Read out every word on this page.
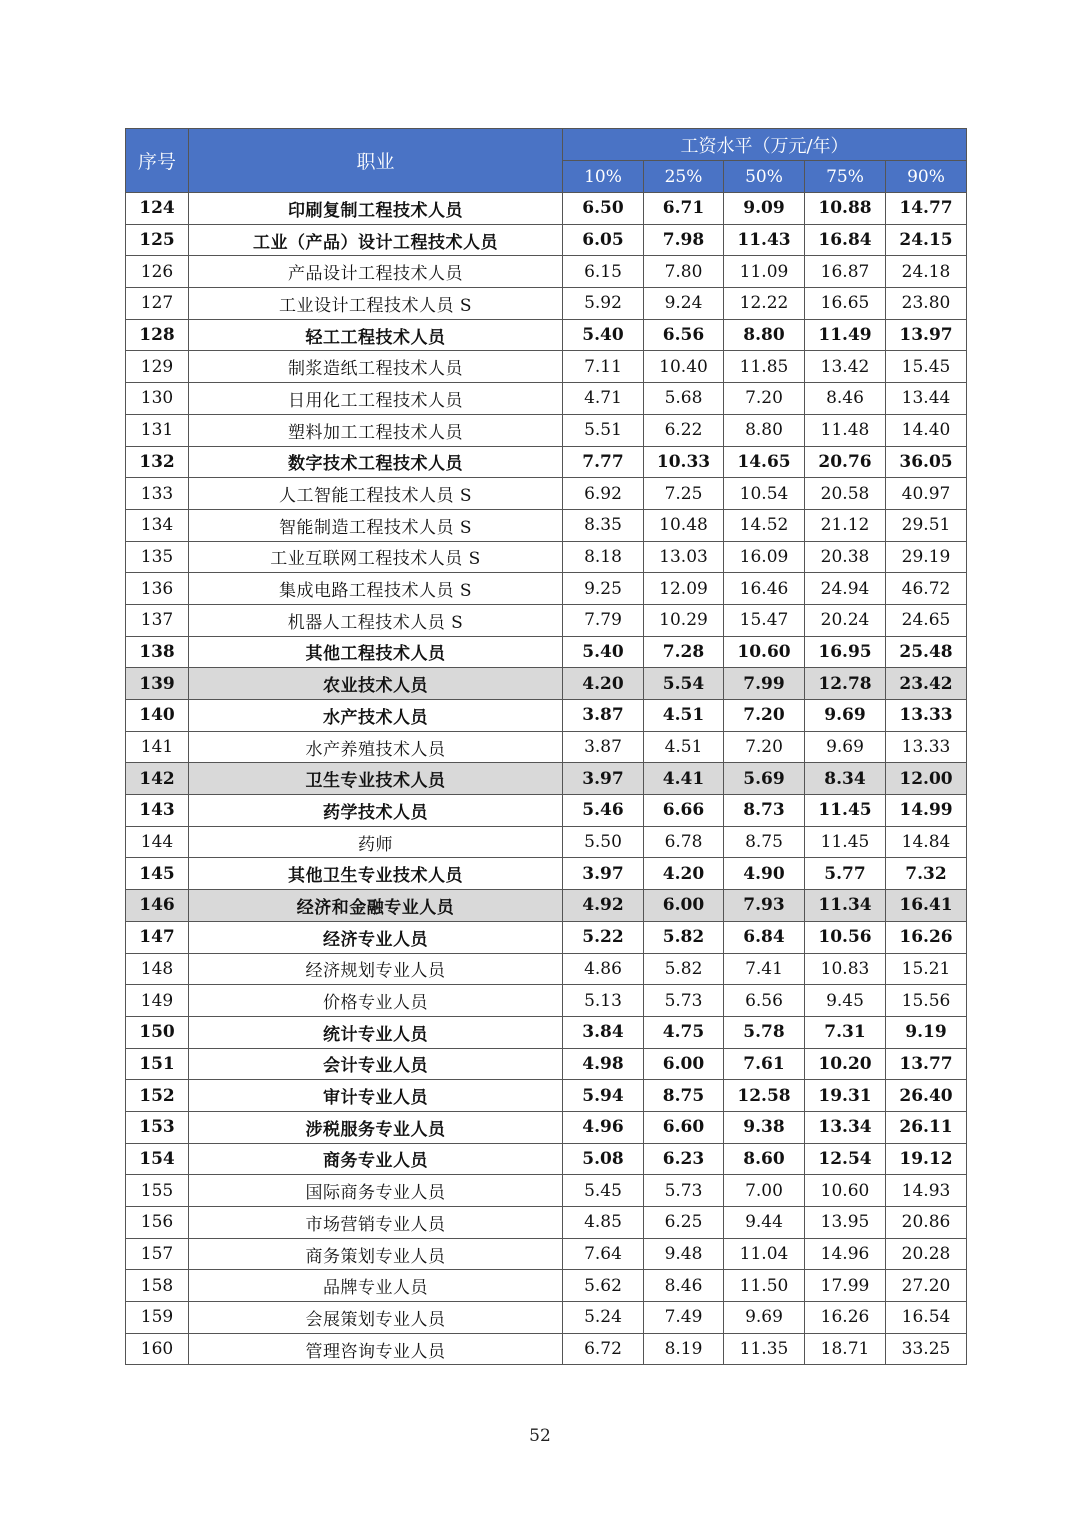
序号	职业	工资水平（万元/年）				
		10%	25%	50%	75%	90%
124	印刷复制工程技术人员	6.50	6.71	9.09	10.88	14.77
125	工业（产品）设计工程技术人员	6.05	7.98	11.43	16.84	24.15
126	产品设计工程技术人员	6.15	7.80	11.09	16.87	24.18
127	工业设计工程技术人员 S	5.92	9.24	12.22	16.65	23.80
128	轻工工程技术人员	5.40	6.56	8.80	11.49	13.97
129	制浆造纸工程技术人员	7.11	10.40	11.85	13.42	15.45
130	日用化工工程技术人员	4.71	5.68	7.20	8.46	13.44
131	塑料加工工程技术人员	5.51	6.22	8.80	11.48	14.40
132	数字技术工程技术人员	7.77	10.33	14.65	20.76	36.05
133	人工智能工程技术人员 S	6.92	7.25	10.54	20.58	40.97
134	智能制造工程技术人员 S	8.35	10.48	14.52	21.12	29.51
135	工业互联网工程技术人员 S	8.18	13.03	16.09	20.38	29.19
136	集成电路工程技术人员 S	9.25	12.09	16.46	24.94	46.72
137	机器人工程技术人员 S	7.79	10.29	15.47	20.24	24.65
138	其他工程技术人员	5.40	7.28	10.60	16.95	25.48
139	农业技术人员	4.20	5.54	7.99	12.78	23.42
140	水产技术人员	3.87	4.51	7.20	9.69	13.33
141	水产养殖技术人员	3.87	4.51	7.20	9.69	13.33
142	卫生专业技术人员	3.97	4.41	5.69	8.34	12.00
143	药学技术人员	5.46	6.66	8.73	11.45	14.99
144	药师	5.50	6.78	8.75	11.45	14.84
145	其他卫生专业技术人员	3.97	4.20	4.90	5.77	7.32
146	经济和金融专业人员	4.92	6.00	7.93	11.34	16.41
147	经济专业人员	5.22	5.82	6.84	10.56	16.26
148	经济规划专业人员	4.86	5.82	7.41	10.83	15.21
149	价格专业人员	5.13	5.73	6.56	9.45	15.56
150	统计专业人员	3.84	4.75	5.78	7.31	9.19
151	会计专业人员	4.98	6.00	7.61	10.20	13.77
152	审计专业人员	5.94	8.75	12.58	19.31	26.40
153	涉税服务专业人员	4.96	6.60	9.38	13.34	26.11
154	商务专业人员	5.08	6.23	8.60	12.54	19.12
155	国际商务专业人员	5.45	5.73	7.00	10.60	14.93
156	市场营销专业人员	4.85	6.25	9.44	13.95	20.86
157	商务策划专业人员	7.64	9.48	11.04	14.96	20.28
158	品牌专业人员	5.62	8.46	11.50	17.99	27.20
159	会展策划专业人员	5.24	7.49	9.69	16.26	16.54
160	管理咨询专业人员	6.72	8.19	11.35	18.71	33.25
52
